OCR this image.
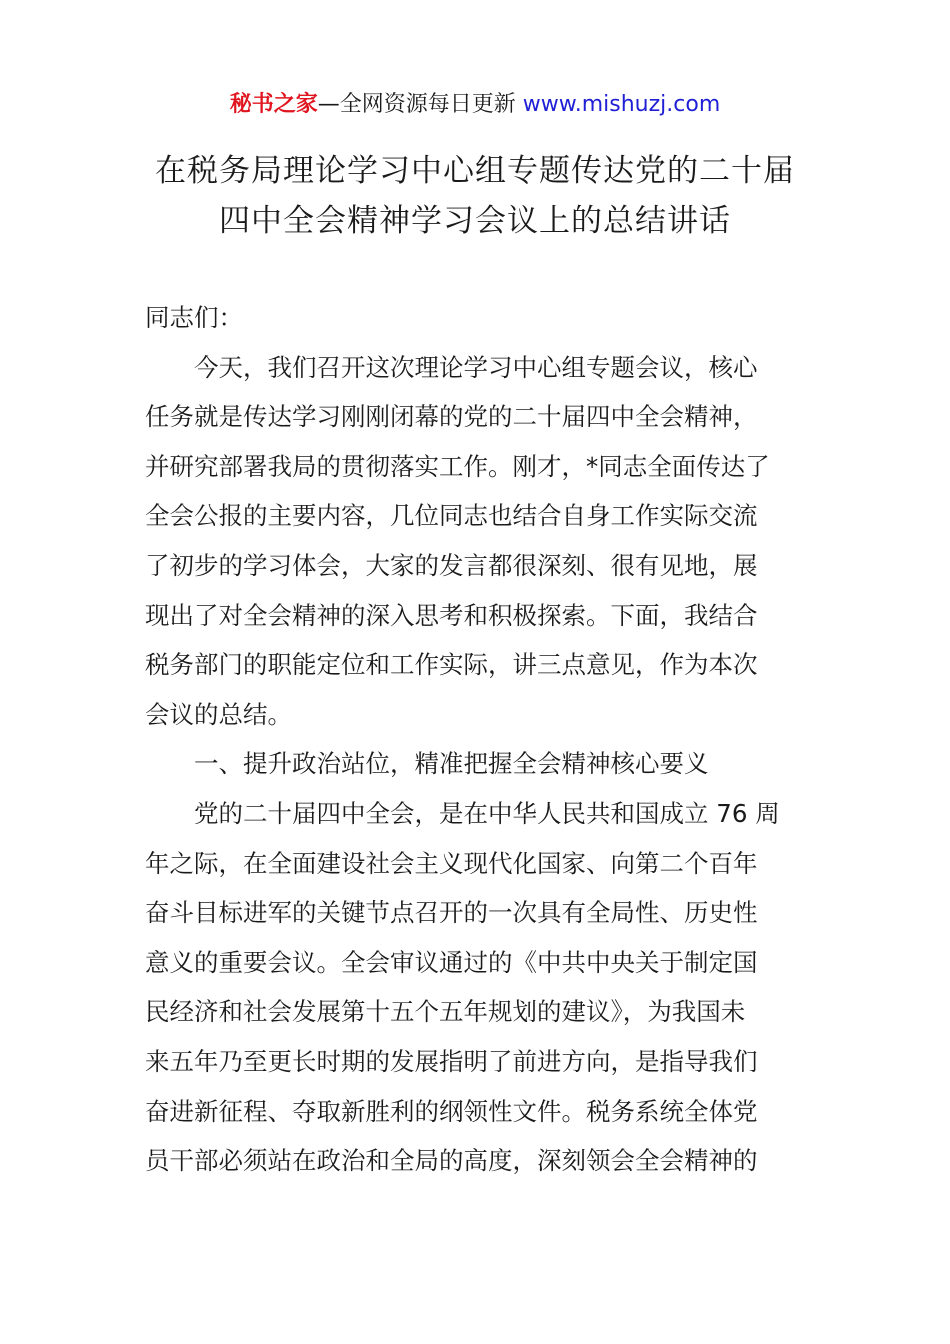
秘书之家—全网资源每日更新 www.mishuzj.com
在税务局理论学习中心组专题传达党的二十届
四中全会精神学习会议上的总结讲话
同志们：
今天，我们召开这次理论学习中心组专题会议，核心
任务就是传达学习刚刚闭幕的党的二十届四中全会精神，
并研究部署我局的贯彻落实工作。刚才，*同志全面传达了
全会公报的主要内容，几位同志也结合自身工作实际交流
了初步的学习体会，大家的发言都很深刻、很有见地，展
现出了对全会精神的深入思考和积极探索。下面，我结合
税务部门的职能定位和工作实际，讲三点意见，作为本次
会议的总结。
一、提升政治站位，精准把握全会精神核心要义
党的二十届四中全会，是在中华人民共和国成立 76 周
年之际，在全面建设社会主义现代化国家、向第二个百年
奋斗目标进军的关键节点召开的一次具有全局性、历史性
意义的重要会议。全会审议通过的《中共中央关于制定国
民经济和社会发展第十五个五年规划的建议》，为我国未
来五年乃至更长时期的发展指明了前进方向，是指导我们
奋进新征程、夺取新胜利的纲领性文件。税务系统全体党
员干部必须站在政治和全局的高度，深刻领会全会精神的
